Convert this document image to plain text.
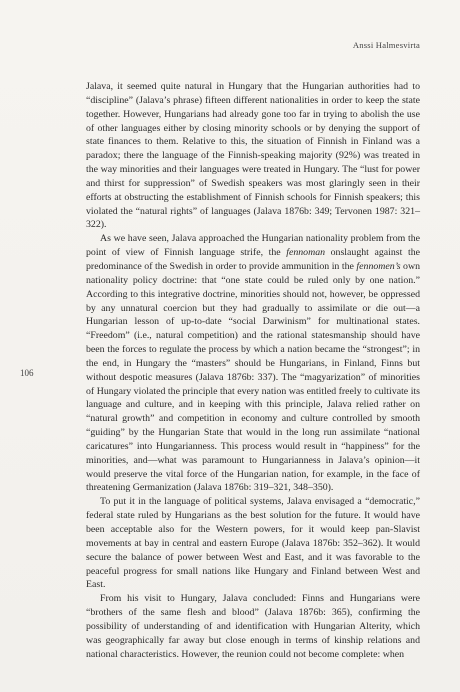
Anssi Halmesvirta
106

Jalava, it seemed quite natural in Hungary that the Hungarian authorities had to “discipline” (Jalava’s phrase) fifteen different nationalities in order to keep the state together. However, Hungarians had already gone too far in trying to abolish the use of other languages either by closing minority schools or by denying the support of state finances to them. Relative to this, the situation of Finnish in Finland was a paradox; there the language of the Finnish-speaking majority (92%) was treated in the way minorities and their languages were treated in Hungary. The “lust for power and thirst for suppression” of Swedish speakers was most glaringly seen in their efforts at obstructing the establishment of Finnish schools for Finnish speakers; this violated the “natural rights” of languages (Jalava 1876b: 349; Tervonen 1987: 321–322).

As we have seen, Jalava approached the Hungarian nationality problem from the point of view of Finnish language strife, the fennoman onslaught against the predominance of the Swedish in order to provide ammunition in the fennomen’s own nationality policy doctrine: that “one state could be ruled only by one nation.” According to this integrative doctrine, minorities should not, however, be oppressed by any unnatural coercion but they had gradually to assimilate or die out—a Hungarian lesson of up-to-date “social Darwinism” for multinational states. “Freedom” (i.e., natural competition) and the rational statesmanship should have been the forces to regulate the process by which a nation became the “strongest”; in the end, in Hungary the “masters” should be Hungarians, in Finland, Finns but without despotic measures (Jalava 1876b: 337). The “magyarization” of minorities of Hungary violated the principle that every nation was entitled freely to cultivate its language and culture, and in keeping with this principle, Jalava relied rather on “natural growth” and competition in economy and culture controlled by smooth “guiding” by the Hungarian State that would in the long run assimilate “national caricatures” into Hungarianness. This process would result in “happiness” for the minorities, and—what was paramount to Hungarianness in Jalava’s opinion—it would preserve the vital force of the Hungarian nation, for example, in the face of threatening Germanization (Jalava 1876b: 319–321, 348–350).

To put it in the language of political systems, Jalava envisaged a “democratic,” federal state ruled by Hungarians as the best solution for the future. It would have been acceptable also for the Western powers, for it would keep pan-Slavist movements at bay in central and eastern Europe (Jalava 1876b: 352–362). It would secure the balance of power between West and East, and it was favorable to the peaceful progress for small nations like Hungary and Finland between West and East.

From his visit to Hungary, Jalava concluded: Finns and Hungarians were “brothers of the same flesh and blood” (Jalava 1876b: 365), confirming the possibility of understanding of and identification with Hungarian Alterity, which was geographically far away but close enough in terms of kinship relations and national characteristics. However, the reunion could not become complete: when
